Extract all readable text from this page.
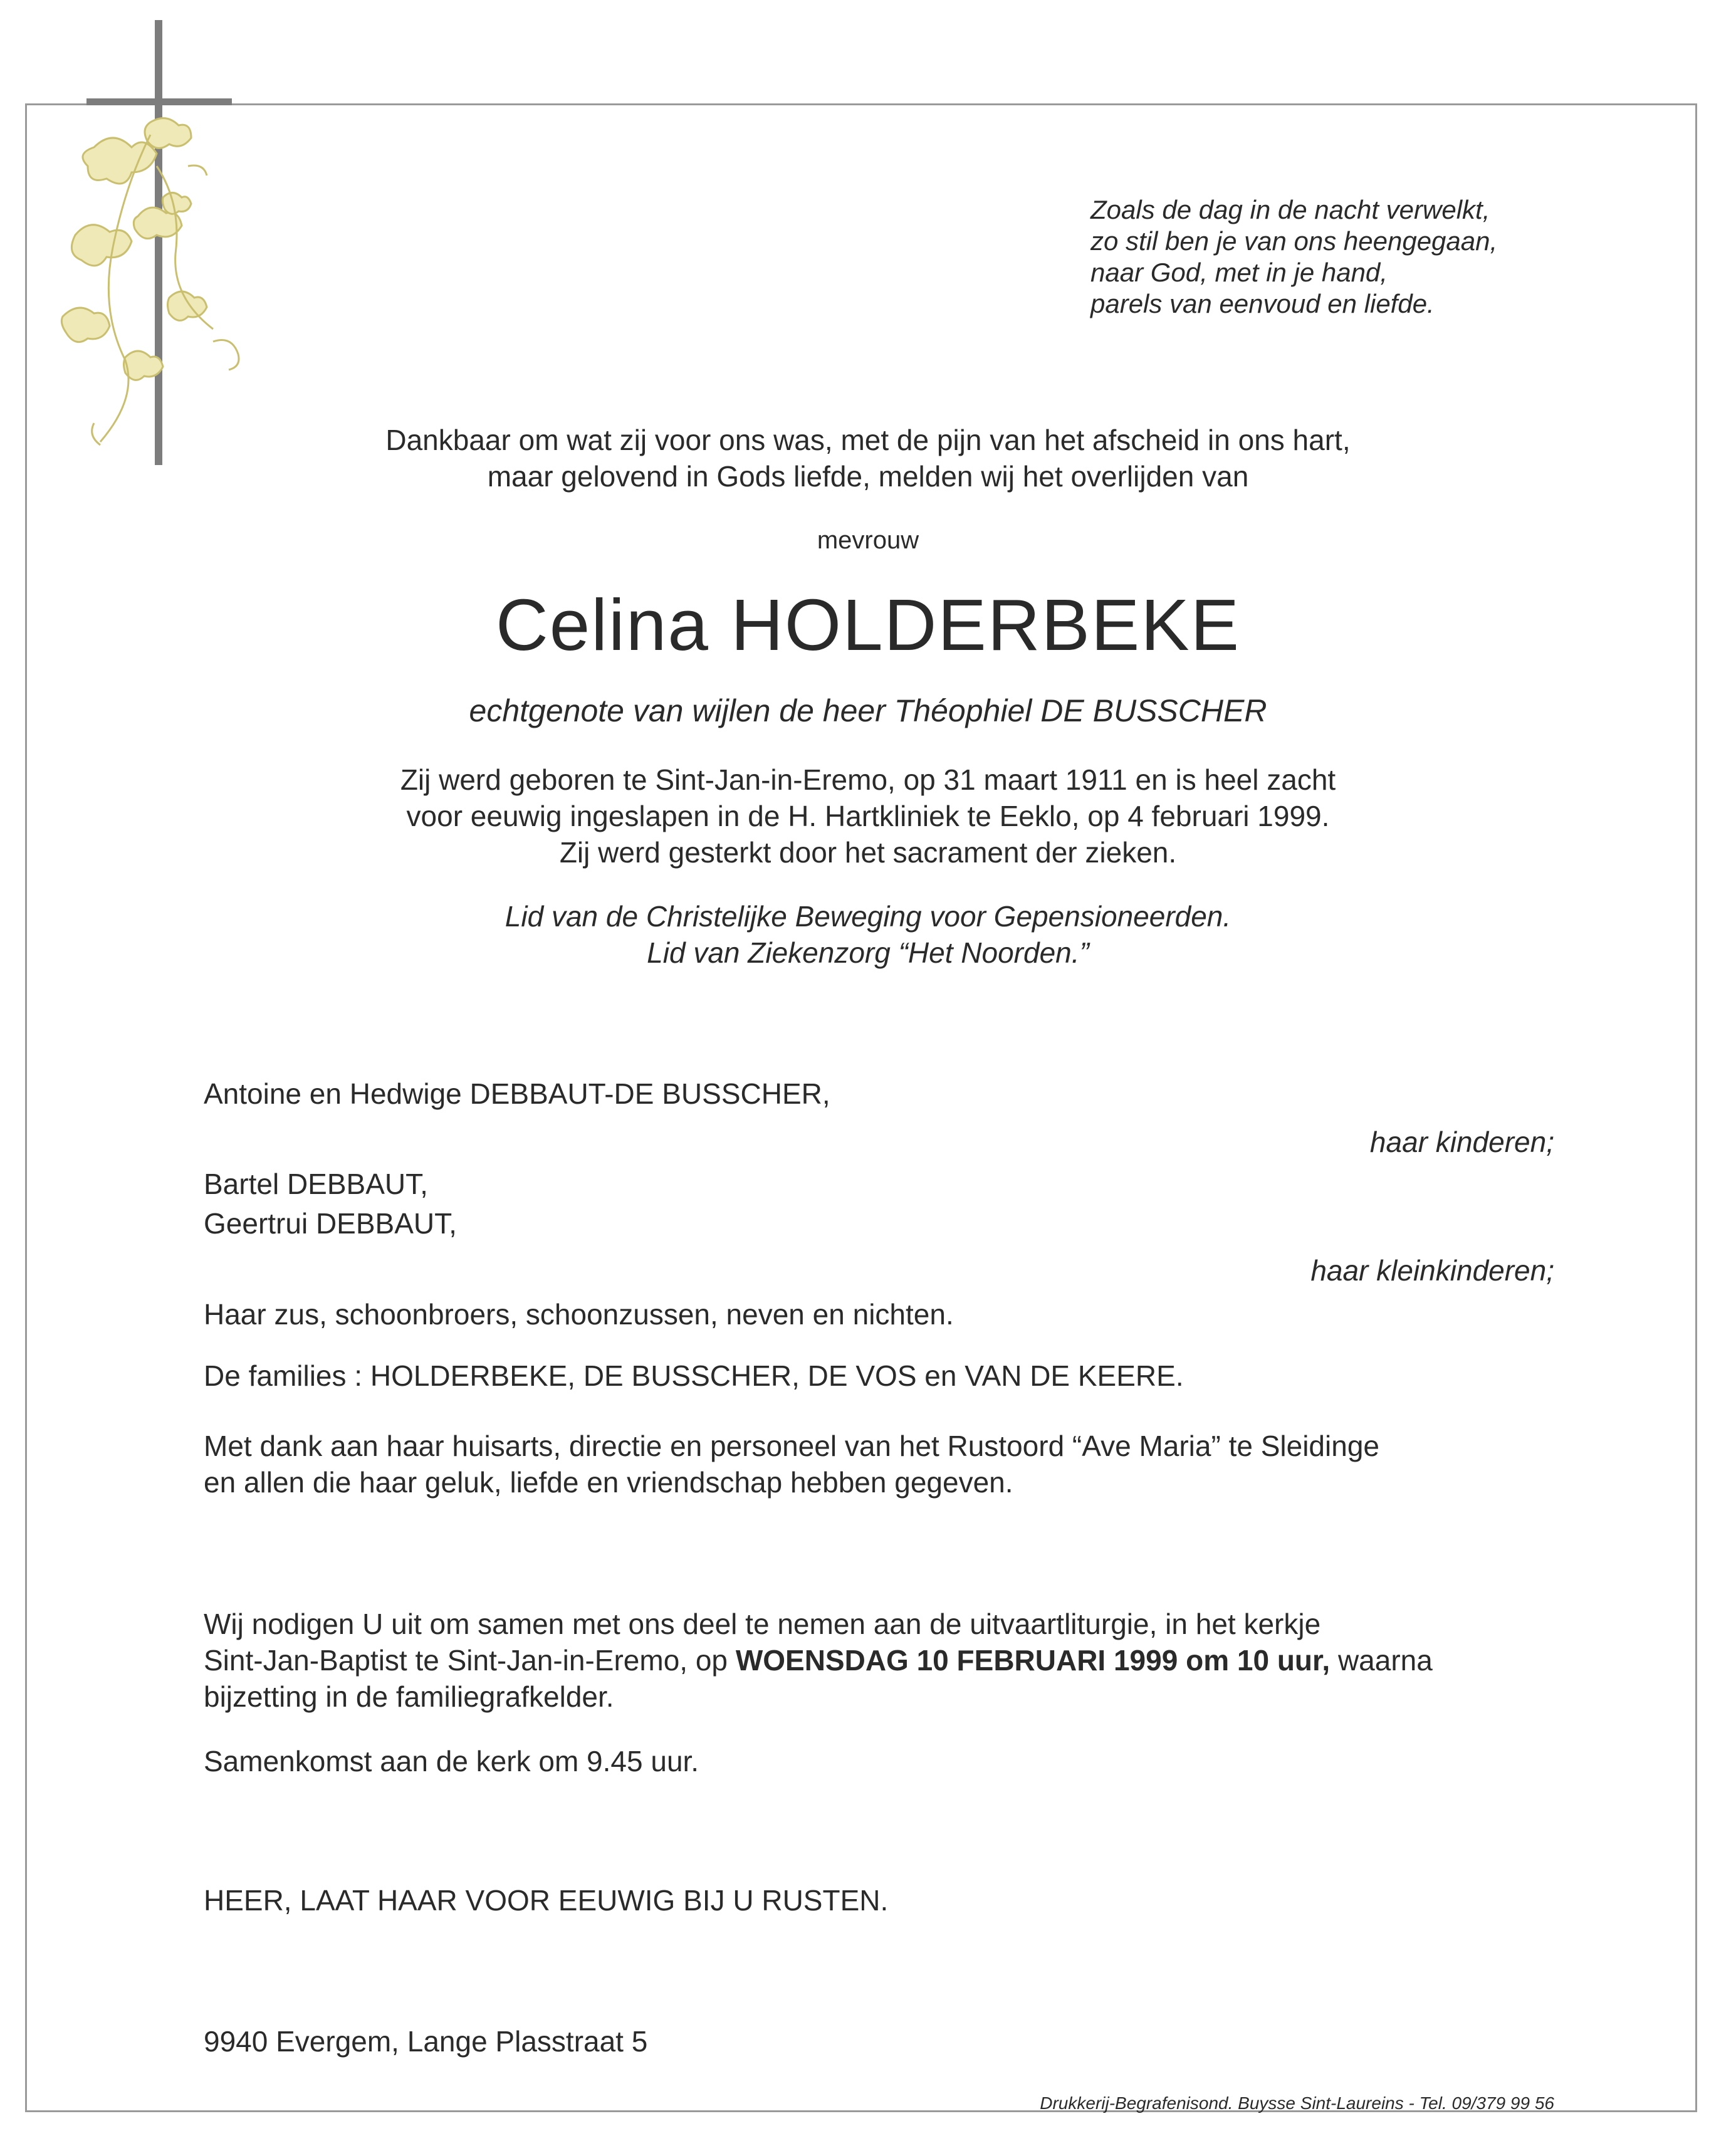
Zoals de dag in de nacht verwelkt,
zo stil ben je van ons heengegaan,
naar God, met in je hand,
parels van eenvoud en liefde.
Dankbaar om wat zij voor ons was, met de pijn van het afscheid in ons hart,
maar gelovend in Gods liefde, melden wij het overlijden van
mevrouw
Celina HOLDERBEKE
echtgenote van wijlen de heer Théophiel DE BUSSCHER
Zij werd geboren te Sint-Jan-in-Eremo, op 31 maart 1911 en is heel zacht
voor eeuwig ingeslapen in de H. Hartkliniek te Eeklo, op 4 februari 1999.
Zij werd gesterkt door het sacrament der zieken.
Lid van de Christelijke Beweging voor Gepensioneerden.
Lid van Ziekenzorg “Het Noorden.”
Antoine en Hedwige DEBBAUT-DE BUSSCHER,
haar kinderen;
Bartel DEBBAUT,
Geertrui DEBBAUT,
haar kleinkinderen;
Haar zus, schoonbroers, schoonzussen, neven en nichten.
De families : HOLDERBEKE, DE BUSSCHER, DE VOS en VAN DE KEERE.
Met dank aan haar huisarts, directie en personeel van het Rustoord “Ave Maria” te Sleidinge
en allen die haar geluk, liefde en vriendschap hebben gegeven.
Wij nodigen U uit om samen met ons deel te nemen aan de uitvaartliturgie, in het kerkje
Sint-Jan-Baptist te Sint-Jan-in-Eremo, op WOENSDAG 10 FEBRUARI 1999 om 10 uur, waarna
bijzetting in de familiegrafkelder.
Samenkomst aan de kerk om 9.45 uur.
HEER, LAAT HAAR VOOR EEUWIG BIJ U RUSTEN.
9940 Evergem, Lange Plasstraat 5
Drukkerij-Begrafenisond. Buysse Sint-Laureins - Tel. 09/379 99 56
